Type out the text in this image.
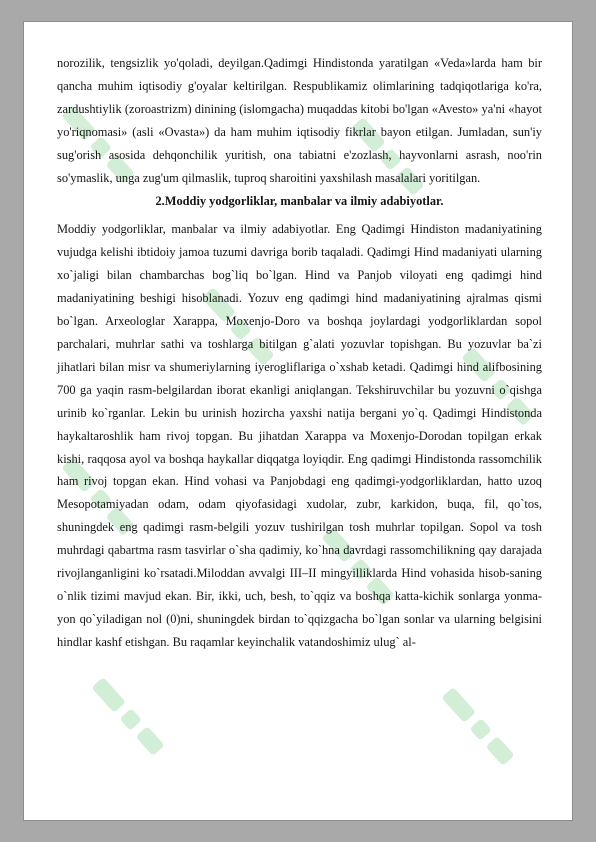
norozilik, tengsizlik yo'qoladi, deyilgan.Qadimgi Hindistonda yaratilgan «Veda»larda ham bir qancha muhim iqtisodiy g'oyalar keltirilgan. Respublikamiz olimlarining tadqiqotlariga ko'ra, zardushtiylik (zoroastrizm) dinining (islomgacha) muqaddas kitobi bo'lgan «Avesto» ya'ni «hayot yo'riqnomasi» (asli «Ovasta») da ham muhim iqtisodiy fikrlar bayon etilgan. Jumladan, sun'iy sug'orish asosida dehqonchilik yuritish, ona tabiatni e'zozlash, hayvonlarni asrash, noo'rin so'ymaslik, unga zug'um qilmaslik, tuproq sharoitini yaxshilash masalalari yoritilgan.

2.Moddiy yodgorliklar, manbalar va ilmiy adabiyotlar.

Moddiy yodgorliklar, manbalar va ilmiy adabiyotlar. Eng Qadimgi Hindiston madaniyatining vujudga kelishi ibtidoiy jamoa tuzumi davriga borib taqaladi. Qadimgi Hind madaniyati ularning xo`jaligi bilan chambarchas bog`liq bo`lgan. Hind va Panjob viloyati eng qadimgi hind madaniyatining beshigi hisoblanadi. Yozuv eng qadimgi hind madaniyatining ajralmas qismi bo`lgan. Arxeologlar Xarappa, Moxenjo-Doro va boshqa joylardagi yodgorliklardan sopol parchalari, muhrlar sathi va toshlarga bitilgan g`alati yozuvlar topishgan. Bu yozuvlar ba`zi jihatlari bilan misr va shumeriylarning iyerogliflariga o`xshab ketadi. Qadimgi hind alifbosining 700 ga yaqin rasm-belgilardan iborat ekanligi aniqlangan. Tekshiruvchilar bu yozuvni o`qishga urinib ko`rganlar. Lekin bu urinish hozircha yaxshi natija bergani yo`q. Qadimgi Hindistonda haykaltaroshlik ham rivoj topgan. Bu jihatdan Xarappa va Moxenjo-Dorodan topilgan erkak kishi, raqqosa ayol va boshqa haykallar diqqatga loyiqdir. Eng qadimgi Hindistonda rassomchilik ham rivoj topgan ekan. Hind vohasi va Panjobdagi eng qadimgi-yodgorliklardan, hatto uzoq Mesopotamiyadan odam, odam qiyofasidagi xudolar, zubr, karkidon, buqa, fil, qo`tos, shuningdek eng qadimgi rasm-belgili yozuv tushirilgan tosh muhrlar topilgan. Sopol va tosh muhrdagi qabartma rasm tasvirlar o`sha qadimiy, ko`hna davrdagi rassomchilikning qay darajada rivojlanganligini ko`rsatadi.Miloddan avvalgi III–II mingyilliklarda Hind vohasida hisob-saning o`nlik tizimi mavjud ekan. Bir, ikki, uch, besh, to`qqiz va boshqa katta-kichik sonlarga yonma-yon qo`yiladigan nol (0)ni, shuningdek birdan to`qqizgacha bo`lgan sonlar va ularning belgisini hindlar kashf etishgan. Bu raqamlar keyinchalik vatandoshimiz ulug` al-
